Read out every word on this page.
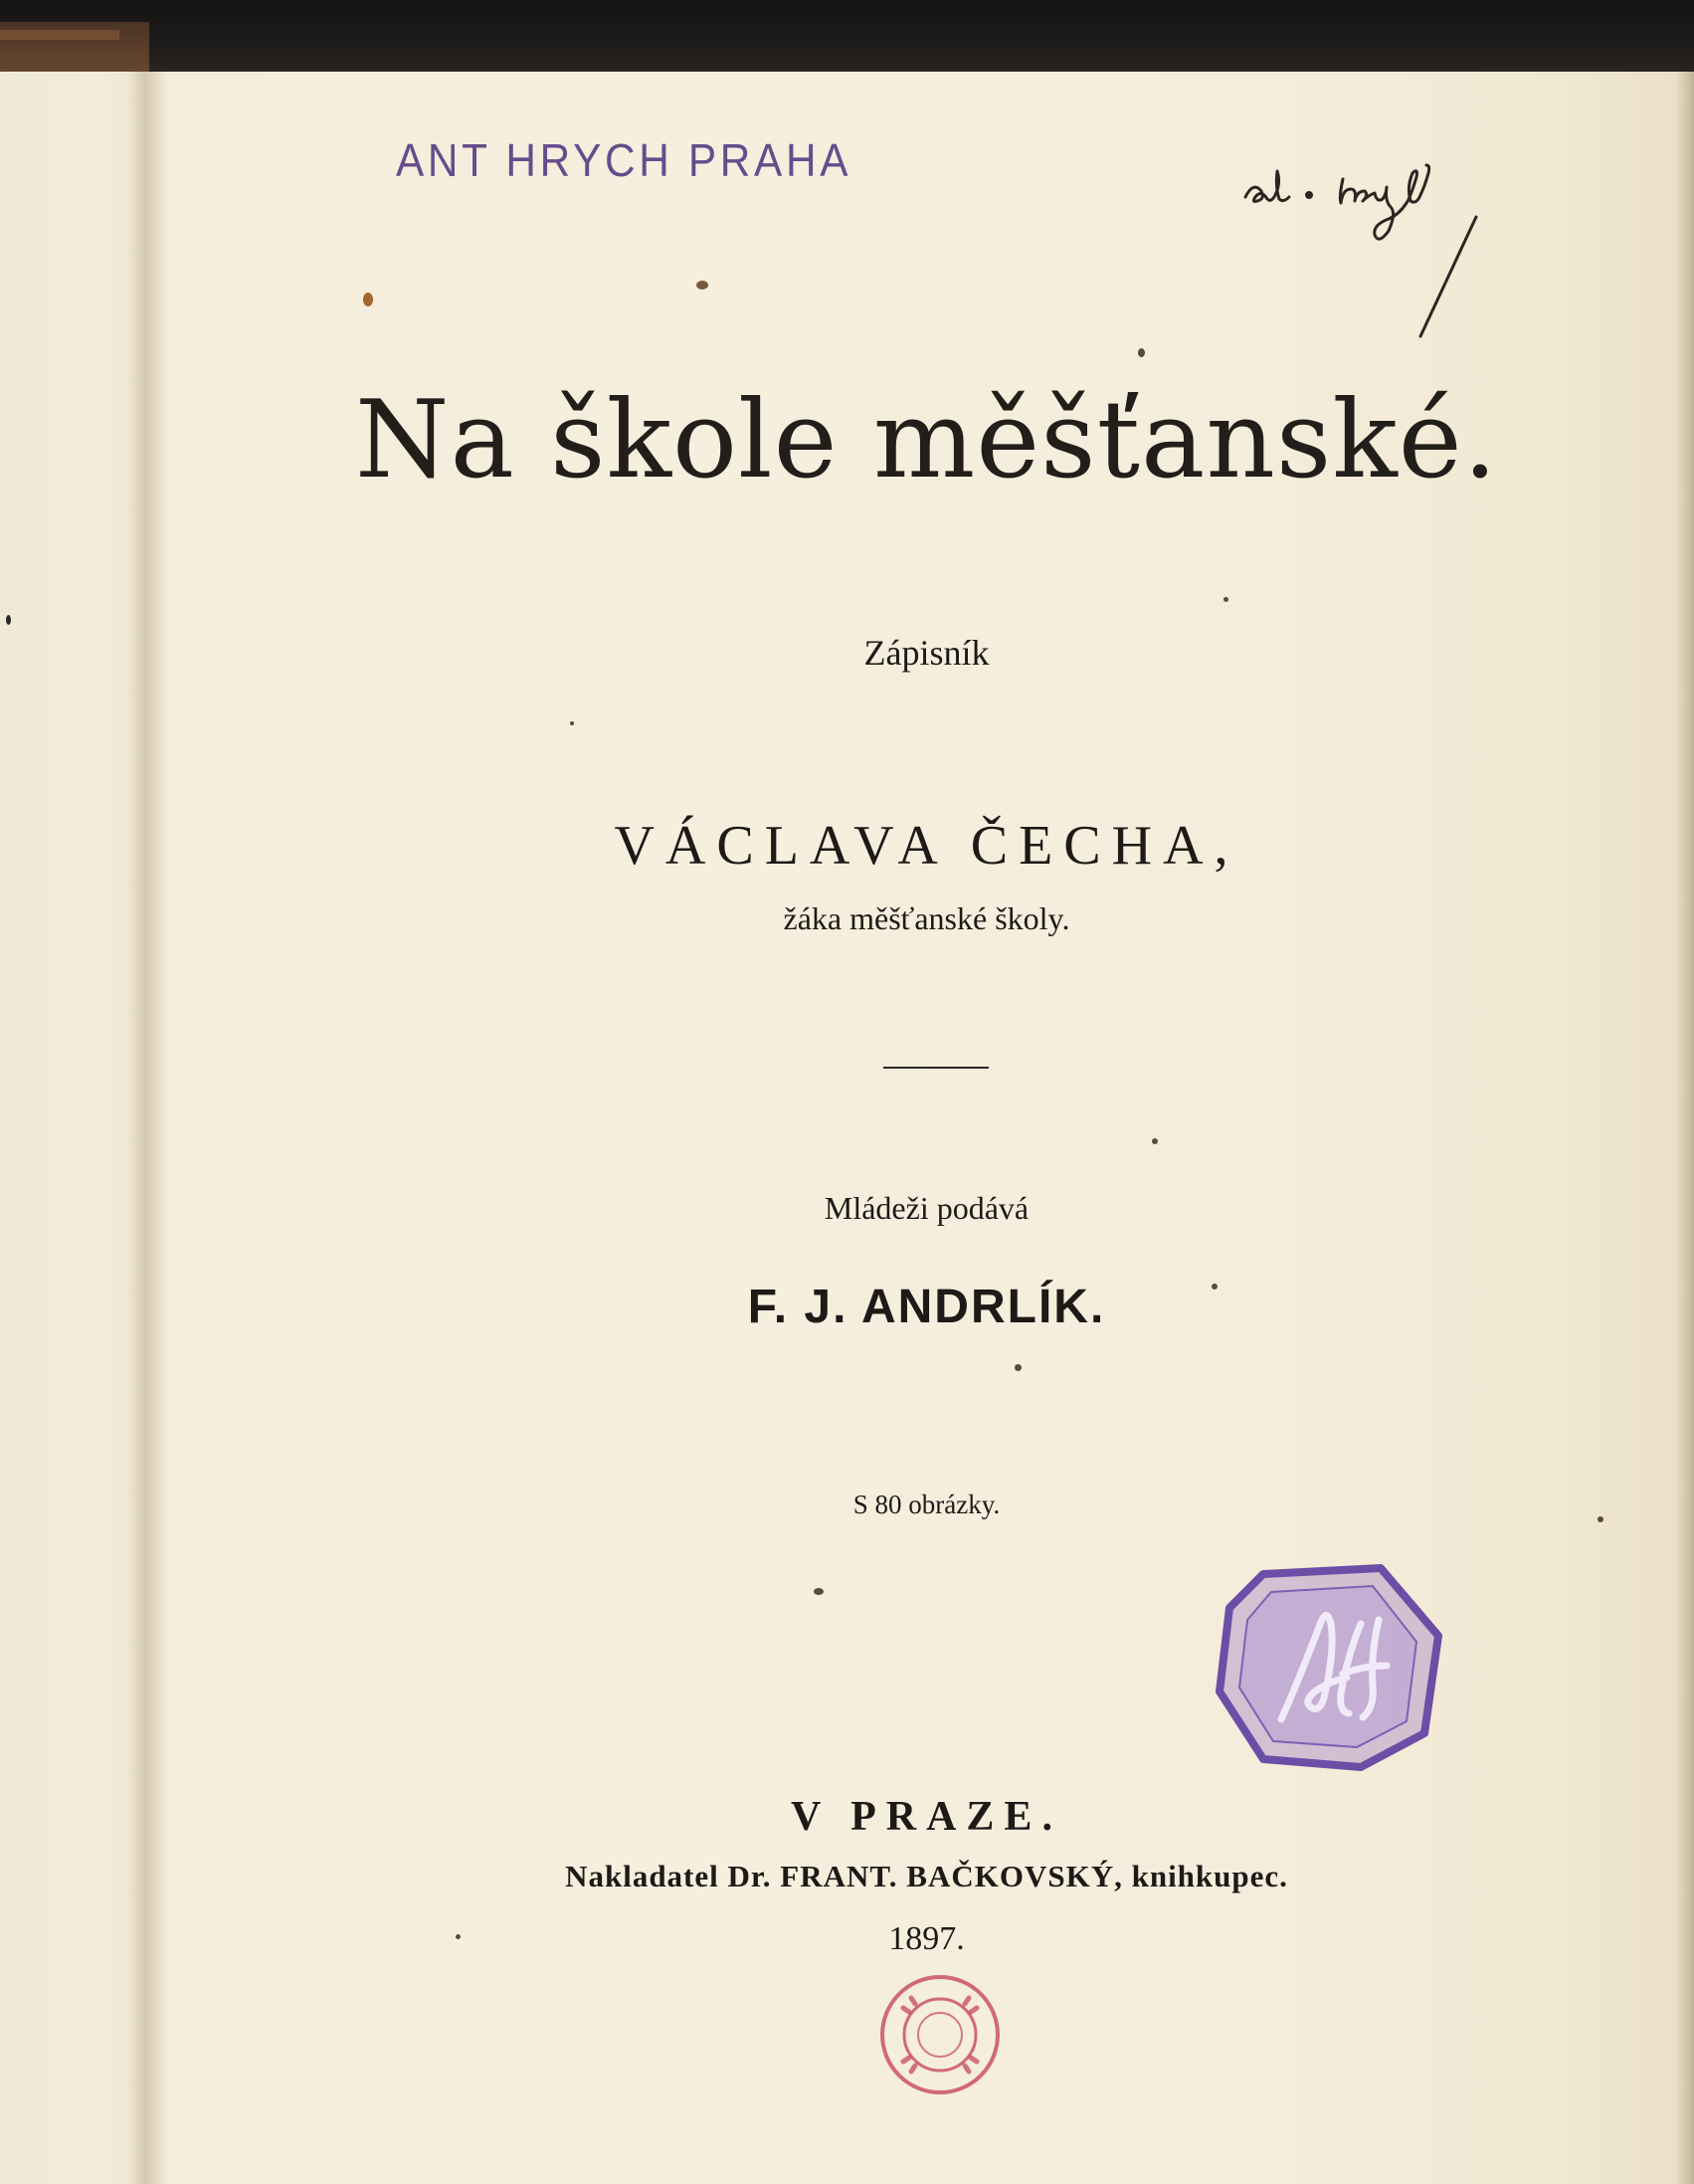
ANT HRYCH PRAHA
Na škole měšťanské.
Zápisník
VÁCLAVA ČECHA,
žáka měšťanské školy.
Mládeži podává
F. J. ANDRLÍK.
S 80 obrázky.
V PRAZE.
Nakladatel Dr. FRANT. BAČKOVSKÝ, knihkupec.
1897.
